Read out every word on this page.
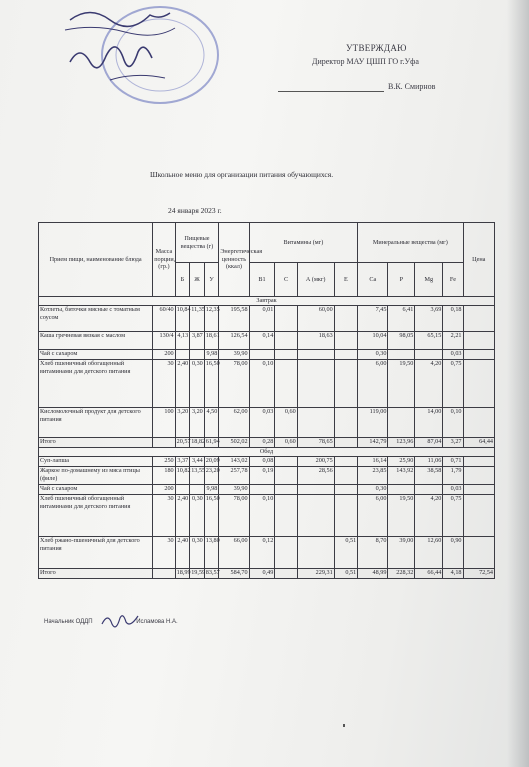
УТВЕРЖДАЮ
Директор МАУ ЦШП ГО г.Уфа
В.К. Смирнов
Школьное меню для организации питания обучающихся.
24 января 2023 г.
Прием пищи, наименование блюда	Масса порции, (гр.)	Пищевые вещества (г)			Энергетическая ценность (ккал)	Витамины (мг)				Минеральные вещества (мг)				Цена
		Б	Ж	У		В1	С	А (мкг)	Е	Са	Р	Мg	Fe	
Завтрак														
Котлеты, биточки мясные с томатным соусом	60/40	10,84	11,35	12,35	195,58	0,01		60,00		7,45	6,41	3,69	0,18	
Каша гречневая вязкая с маслом	130/4	4,13	3,87	18,61	126,54	0,14		18,63		10,04	98,05	65,15	2,21	
Чай с сахаром	200			9,98	39,90					0,30			0,03	
Хлеб пшеничный обогащенный витаминами для детского питания	30	2,40	0,30	16,50	78,00	0,10				6,00	19,50	4,20	0,75	
Кисломолочный продукт для детского питания	100	3,20	3,20	4,50	62,00	0,03	0,60			119,00		14,00	0,10	
Итого		20,57	18,82	61,94	502,02	0,28	0,60	78,65		142,79	123,96	87,04	3,27	64,44
Обед														
Суп-лапша	250	3,37	3,44	20,09	143,02	0,08		200,75		16,14	25,90	11,06	0,71	
Жаркое по-домашнему из мяса птицы (филе)	180	10,82	13,55	23,20	257,78	0,19		28,56		23,85	143,92	38,58	1,79	
Чай с сахаром	200			9,98	39,90					0,30			0,03	
Хлеб пшеничный обогащенный витаминами для детского питания	30	2,40	0,30	16,50	78,00	0,10				6,00	19,50	4,20	0,75	
Хлеб ржано-пшеничный для детского питания	30	2,40	0,30	13,80	66,00	0,12			0,51	8,70	39,00	12,60	0,90	
Итого		18,99	19,59	83,57	584,70	0,49		229,31	0,51	48,99	228,32	66,44	4,18	72,54
Начальник ОДДП	Исламова Н.А.
